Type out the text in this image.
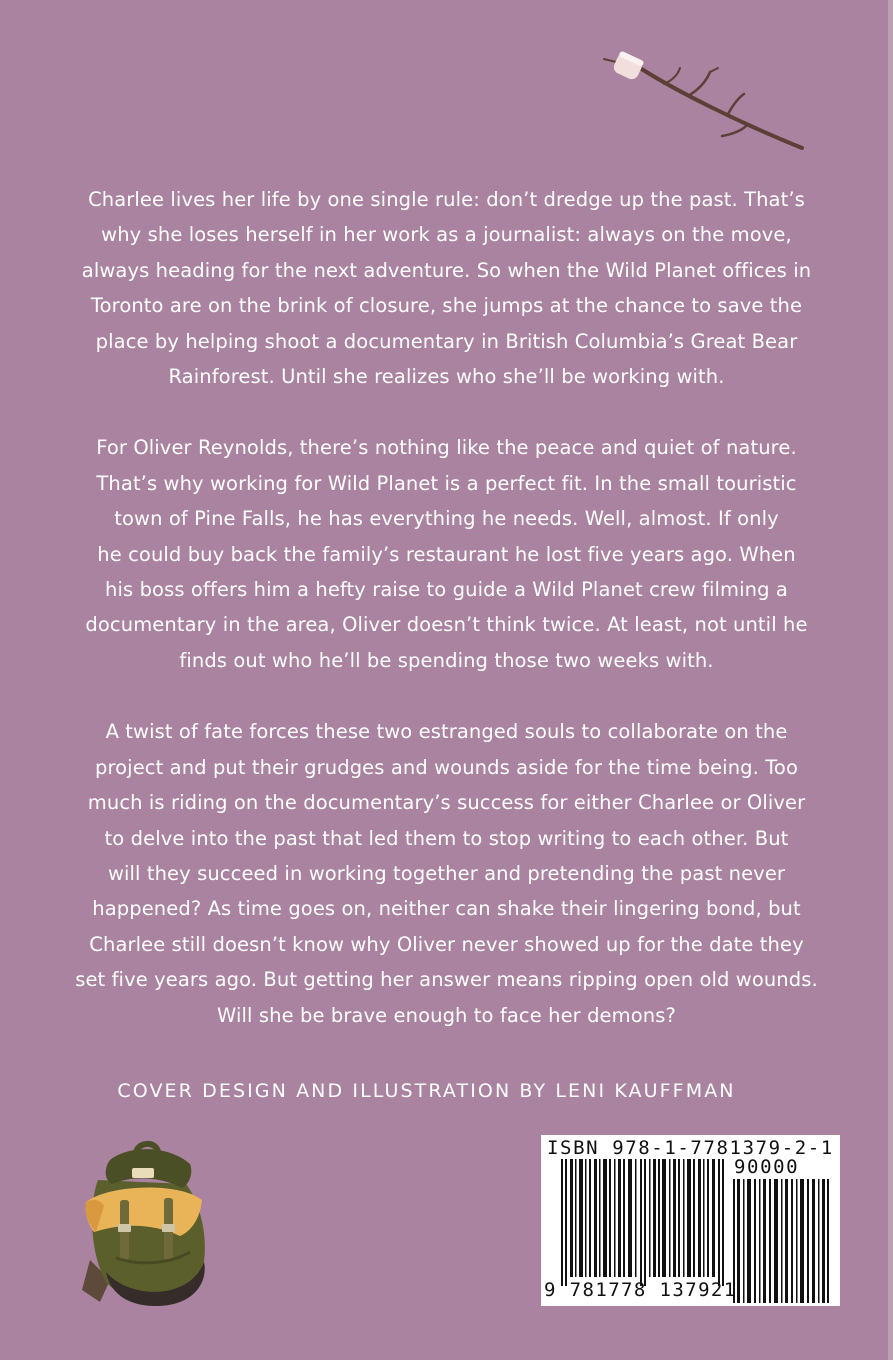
Charlee lives her life by one single rule: don’t dredge up the past. That’s
why she loses herself in her work as a journalist: always on the move,
always heading for the next adventure. So when the Wild Planet offices in
Toronto are on the brink of closure, she jumps at the chance to save the
place by helping shoot a documentary in British Columbia’s Great Bear
Rainforest. Until she realizes who she’ll be working with.

For Oliver Reynolds, there’s nothing like the peace and quiet of nature.
That’s why working for Wild Planet is a perfect fit. In the small touristic
town of Pine Falls, he has everything he needs. Well, almost. If only
he could buy back the family’s restaurant he lost five years ago. When
his boss offers him a hefty raise to guide a Wild Planet crew filming a
documentary in the area, Oliver doesn’t think twice. At least, not until he
finds out who he’ll be spending those two weeks with.

A twist of fate forces these two estranged souls to collaborate on the
project and put their grudges and wounds aside for the time being. Too
much is riding on the documentary’s success for either Charlee or Oliver
to delve into the past that led them to stop writing to each other. But
will they succeed in working together and pretending the past never
happened? As time goes on, neither can shake their lingering bond, but
Charlee still doesn’t know why Oliver never showed up for the date they
set five years ago. But getting her answer means ripping open old wounds.
Will she be brave enough to face her demons?

COVER DESIGN AND ILLUSTRATION BY LENI KAUFFMAN
ISBN 978-1-7781379-2-1
90000
9 781778 137921
